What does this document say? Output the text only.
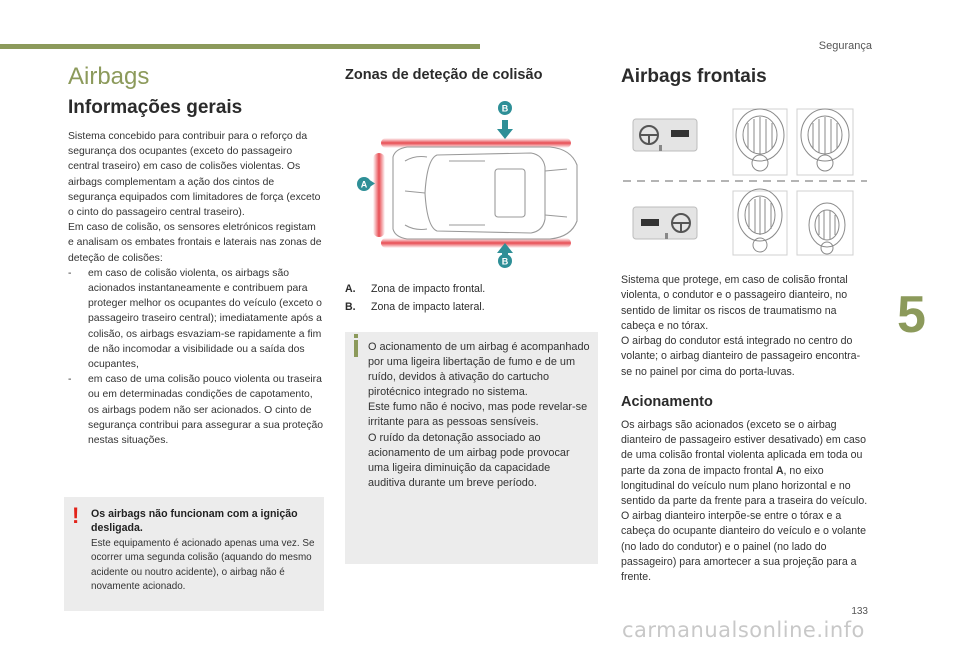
Segurança
5
133
carmanualsonline.info
Airbags
Informações gerais

Sistema concebido para contribuir para o reforço da segurança dos ocupantes (exceto do passageiro central traseiro) em caso de colisões violentas. Os airbags complementam a ação dos cintos de segurança equipados com limitadores de força (exceto o cinto do passageiro central traseiro).
Em caso de colisão, os sensores eletrónicos registam e analisam os embates frontais e laterais nas zonas de deteção de colisões:

- em caso de colisão violenta, os airbags são acionados instantaneamente e contribuem para proteger melhor os ocupantes do veículo (exceto o passageiro traseiro central); imediatamente após a colisão, os airbags esvaziam-se rapidamente a fim de não incomodar a visibilidade ou a saída dos ocupantes,
- em caso de uma colisão pouco violenta ou traseira ou em determinadas condições de capotamento, os airbags podem não ser acionados. O cinto de segurança contribui para assegurar a sua proteção nestas situações.
! Os airbags não funcionam com a ignição desligada.
Este equipamento é acionado apenas uma vez. Se ocorrer uma segunda colisão (aquando do mesmo acidente ou noutro acidente), o airbag não é novamente acionado.
Zonas de deteção de colisão
B
B
A
A. Zona de impacto frontal.
B. Zona de impacto lateral.
O acionamento de um airbag é acompanhado por uma ligeira libertação de fumo e de um ruído, devidos à ativação do cartucho pirotécnico integrado no sistema.
Este fumo não é nocivo, mas pode revelar-se irritante para as pessoas sensíveis.
O ruído da detonação associado ao acionamento de um airbag pode provocar uma ligeira diminuição da capacidade auditiva durante um breve período.
Airbags frontais
Sistema que protege, em caso de colisão frontal violenta, o condutor e o passageiro dianteiro, no sentido de limitar os riscos de traumatismo na cabeça e no tórax.
O airbag do condutor está integrado no centro do volante; o airbag dianteiro de passageiro encontra-se no painel por cima do porta-luvas.
Acionamento
Os airbags são acionados (exceto se o airbag dianteiro de passageiro estiver desativado) em caso de uma colisão frontal violenta aplicada em toda ou parte da zona de impacto frontal A, no eixo longitudinal do veículo num plano horizontal e no sentido da parte da frente para a traseira do veículo.
O airbag dianteiro interpõe-se entre o tórax e a cabeça do ocupante dianteiro do veículo e o volante (no lado do condutor) e o painel (no lado do passageiro) para amortecer a sua projeção para a frente.
